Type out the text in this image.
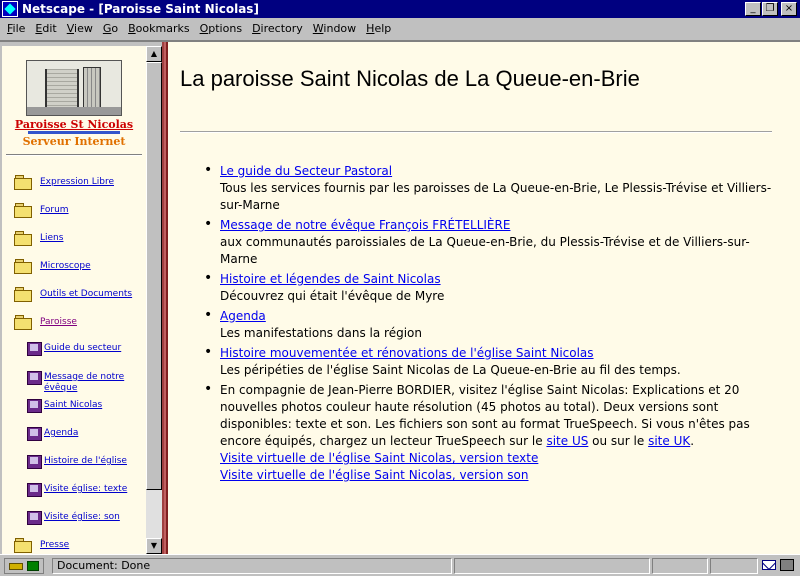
Netscape - [Paroisse Saint Nicolas]	_	❐	×
File Edit View Go Bookmarks Options Directory Window Help
Paroisse St Nicolas
Serveur Internet
Expression Libre
Forum
Liens
Microscope
Outils et Documents
Paroisse
Guide du secteur
Message de notre évêque
Saint Nicolas
Agenda
Histoire de l'église
Visite église: texte
Visite église: son
Presse
▲
▼
La paroisse Saint Nicolas de La Queue-en-Brie
• Le guide du Secteur Pastoral
Tous les services fournis par les paroisses de La Queue-en-Brie, Le Plessis-Trévise et Villiers-sur-Marne
• Message de notre évêque François FRÉTELLIÈRE
aux communautés paroissiales de La Queue-en-Brie, du Plessis-Trévise et de Villiers-sur-Marne
• Histoire et légendes de Saint Nicolas
Découvrez qui était l'évêque de Myre
• Agenda
Les manifestations dans la région
• Histoire mouvementée et rénovations de l'église Saint Nicolas
Les péripéties de l'église Saint Nicolas de La Queue-en-Brie au fil des temps.
• En compagnie de Jean-Pierre BORDIER, visitez l'église Saint Nicolas: Explications et 20 nouvelles photos couleur haute résolution (45 photos au total). Deux versions sont disponibles: texte et son. Les fichiers son sont au format TrueSpeech. Si vous n'êtes pas encore équipés, chargez un lecteur TrueSpeech sur le site US ou sur le site UK.
Visite virtuelle de l'église Saint Nicolas, version texte
Visite virtuelle de l'église Saint Nicolas, version son
Document: Done
